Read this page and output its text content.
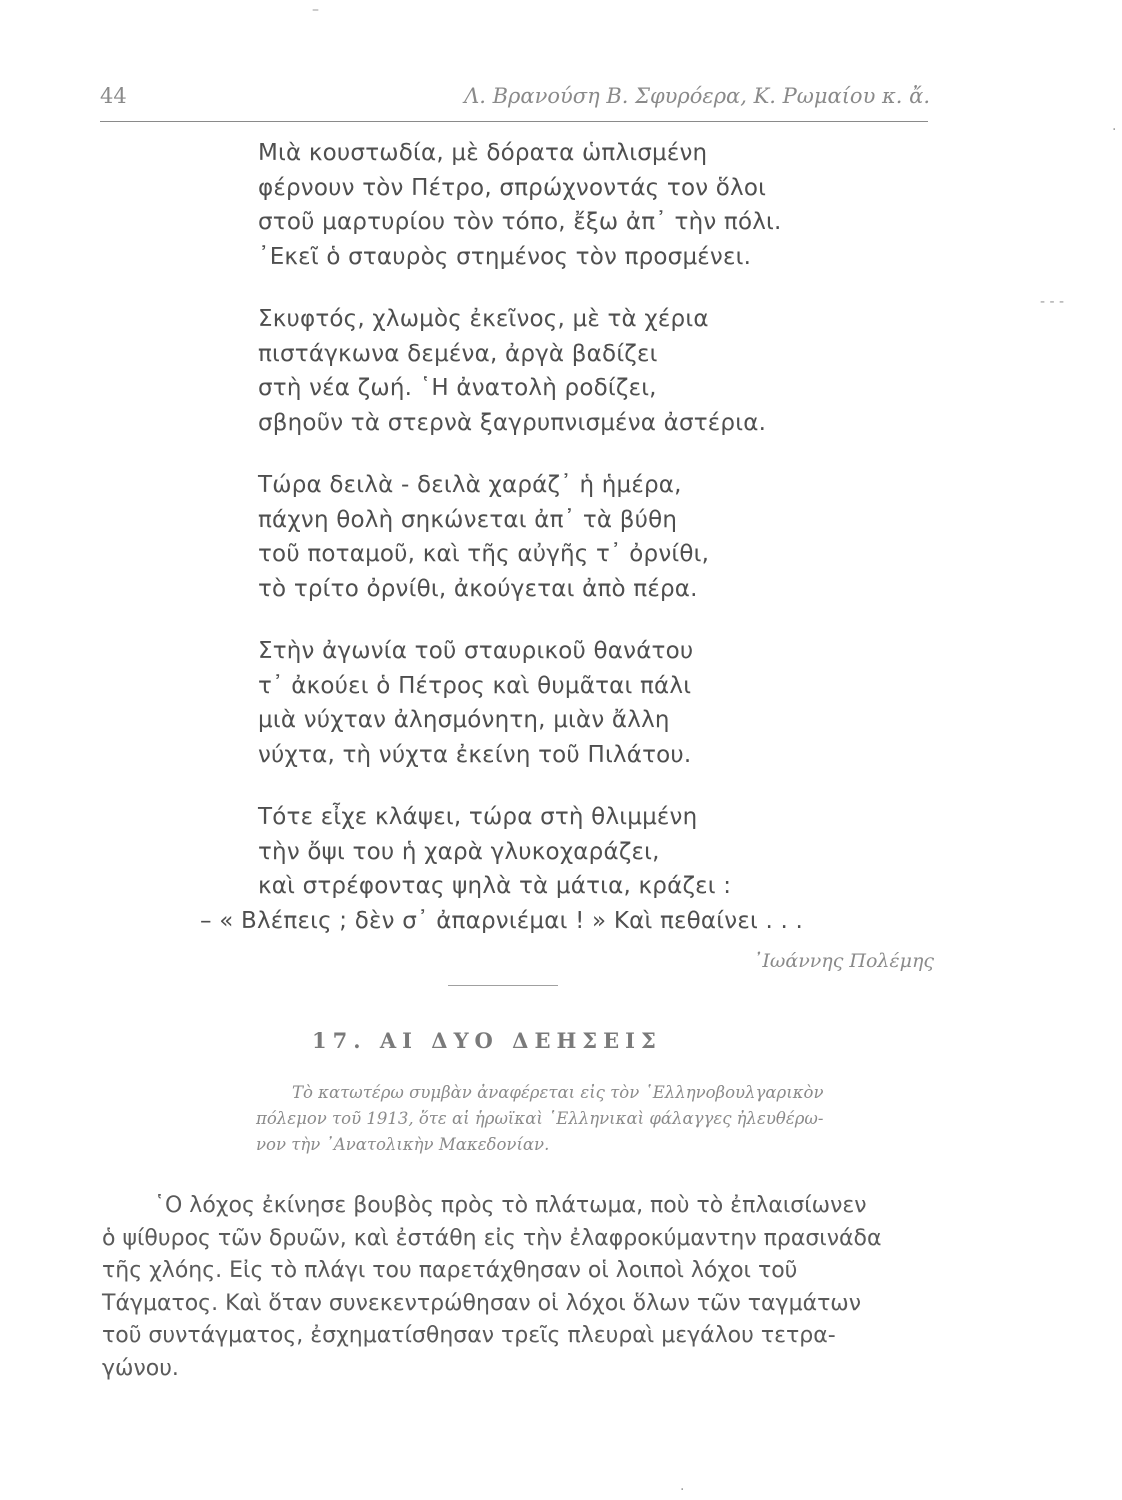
44	Λ. Βρανούση Β. Σφυρόερα, Κ. Ρωμαίου κ. ἄ.
Μιὰ κουστωδία, μὲ δόρατα ὡπλισμένη
φέρνουν τὸν Πέτρο, σπρώχνοντάς τον ὅλοι
στοῦ μαρτυρίου τὸν τόπο, ἔξω ἀπ᾿ τὴν πόλι.
᾿Εκεῖ ὁ σταυρὸς στημένος τὸν προσμένει.
Σκυφτός, χλωμὸς ἐκεῖνος, μὲ τὰ χέρια
πιστάγκωνα δεμένα, ἀργὰ βαδίζει
στὴ νέα ζωή. ῾Η ἀνατολὴ ροδίζει,
σβηοῦν τὰ στερνὰ ξαγρυπνισμένα ἀστέρια.
Τώρα δειλὰ - δειλὰ χαράζ᾿ ἡ ἡμέρα,
πάχνη θολὴ σηκώνεται ἀπ᾿ τὰ βύθη
τοῦ ποταμοῦ, καὶ τῆς αὐγῆς τ᾿ ὀρνίθι,
τὸ τρίτο ὀρνίθι, ἀκούγεται ἀπὸ πέρα.
Στὴν ἀγωνία τοῦ σταυρικοῦ θανάτου
τ᾿ ἀκούει ὁ Πέτρος καὶ θυμᾶται πάλι
μιὰ νύχταν ἀλησμόνητη, μιὰν ἄλλη
νύχτα, τὴ νύχτα ἐκείνη τοῦ Πιλάτου.
Τότε εἶχε κλάψει, τώρα στὴ θλιμμένη
τὴν ὄψι του ἡ χαρὰ γλυκοχαράζει,
καὶ στρέφοντας ψηλὰ τὰ μάτια, κράζει :
– « Βλέπεις ; δὲν σ᾿ ἀπαρνιέμαι ! » Καὶ πεθαίνει . . .
᾿Ιωάννης Πολέμης
17. ΑΙ ΔΥΟ ΔΕΗΣΕΙΣ
Τὸ κατωτέρω συμβὰν ἀναφέρεται εἰς τὸν ῾Ελληνοβουλγαρικὸν
πόλεμον τοῦ 1913, ὅτε αἱ ἡρωϊκαὶ ῾Ελληνικαὶ φάλαγγες ἠλευθέρω-
νον τὴν ᾿Ανατολικὴν Μακεδονίαν.
῾Ο λόχος ἐκίνησε βουβὸς πρὸς τὸ πλάτωμα, ποὺ τὸ ἐπλαισίωνεν
ὁ ψίθυρος τῶν δρυῶν, καὶ ἐστάθη εἰς τὴν ἐλαφροκύμαντην πρασινάδα
τῆς χλόης. Εἰς τὸ πλάγι του παρετάχθησαν οἱ λοιποὶ λόχοι τοῦ
Τάγματος. Καὶ ὅταν συνεκεντρώθησαν οἱ λόχοι ὅλων τῶν ταγμάτων
τοῦ συντάγματος, ἐσχηματίσθησαν τρεῖς πλευραὶ μεγάλου τετρα-
γώνου.
–
·
- - -
·
